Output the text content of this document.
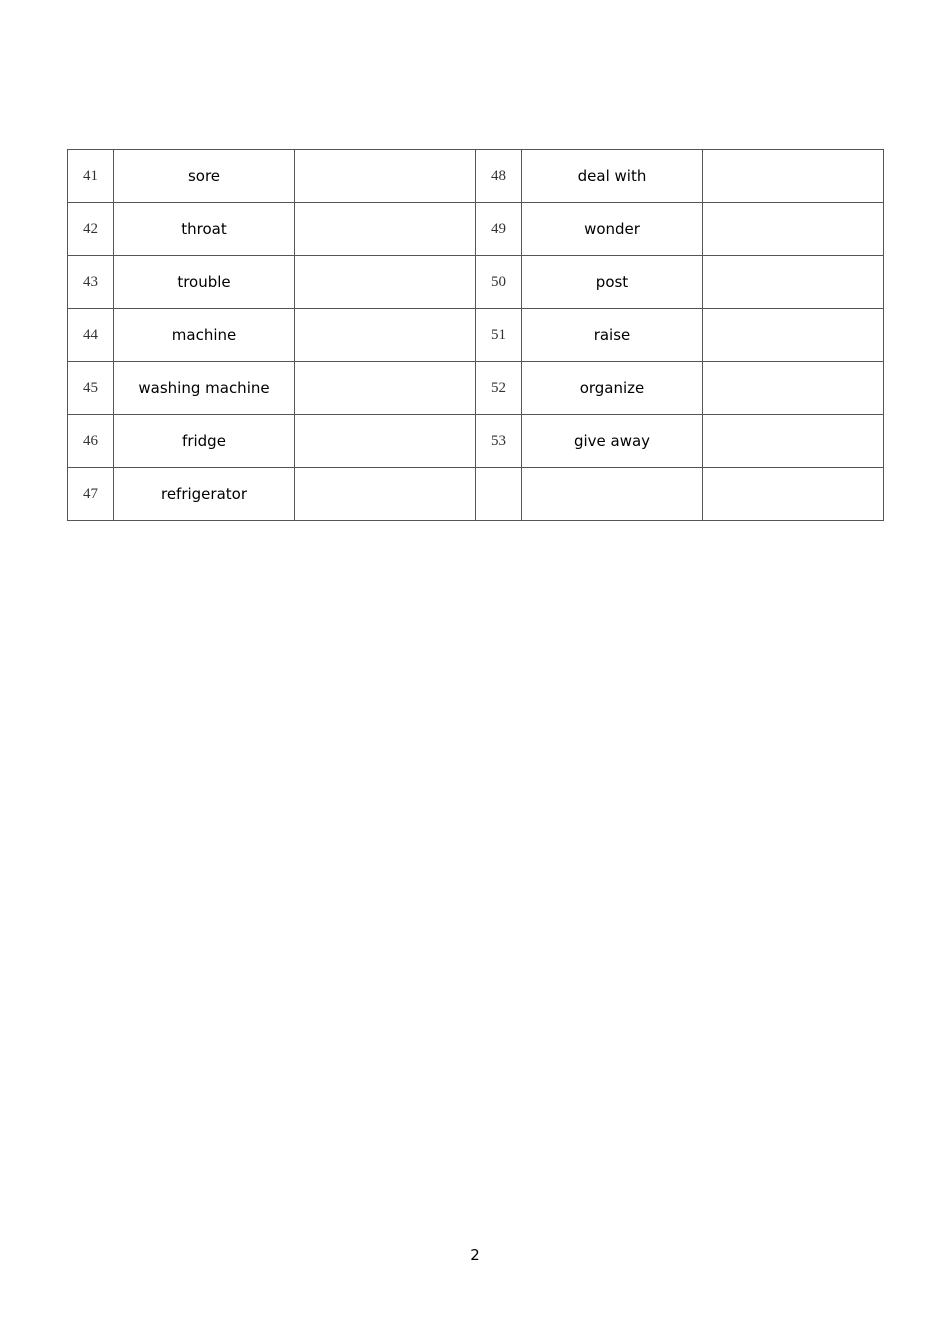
41	sore		48	deal with	
42	throat		49	wonder	
43	trouble		50	post	
44	machine		51	raise	
45	washing machine		52	organize	
46	fridge		53	give away	
47	refrigerator				
2
